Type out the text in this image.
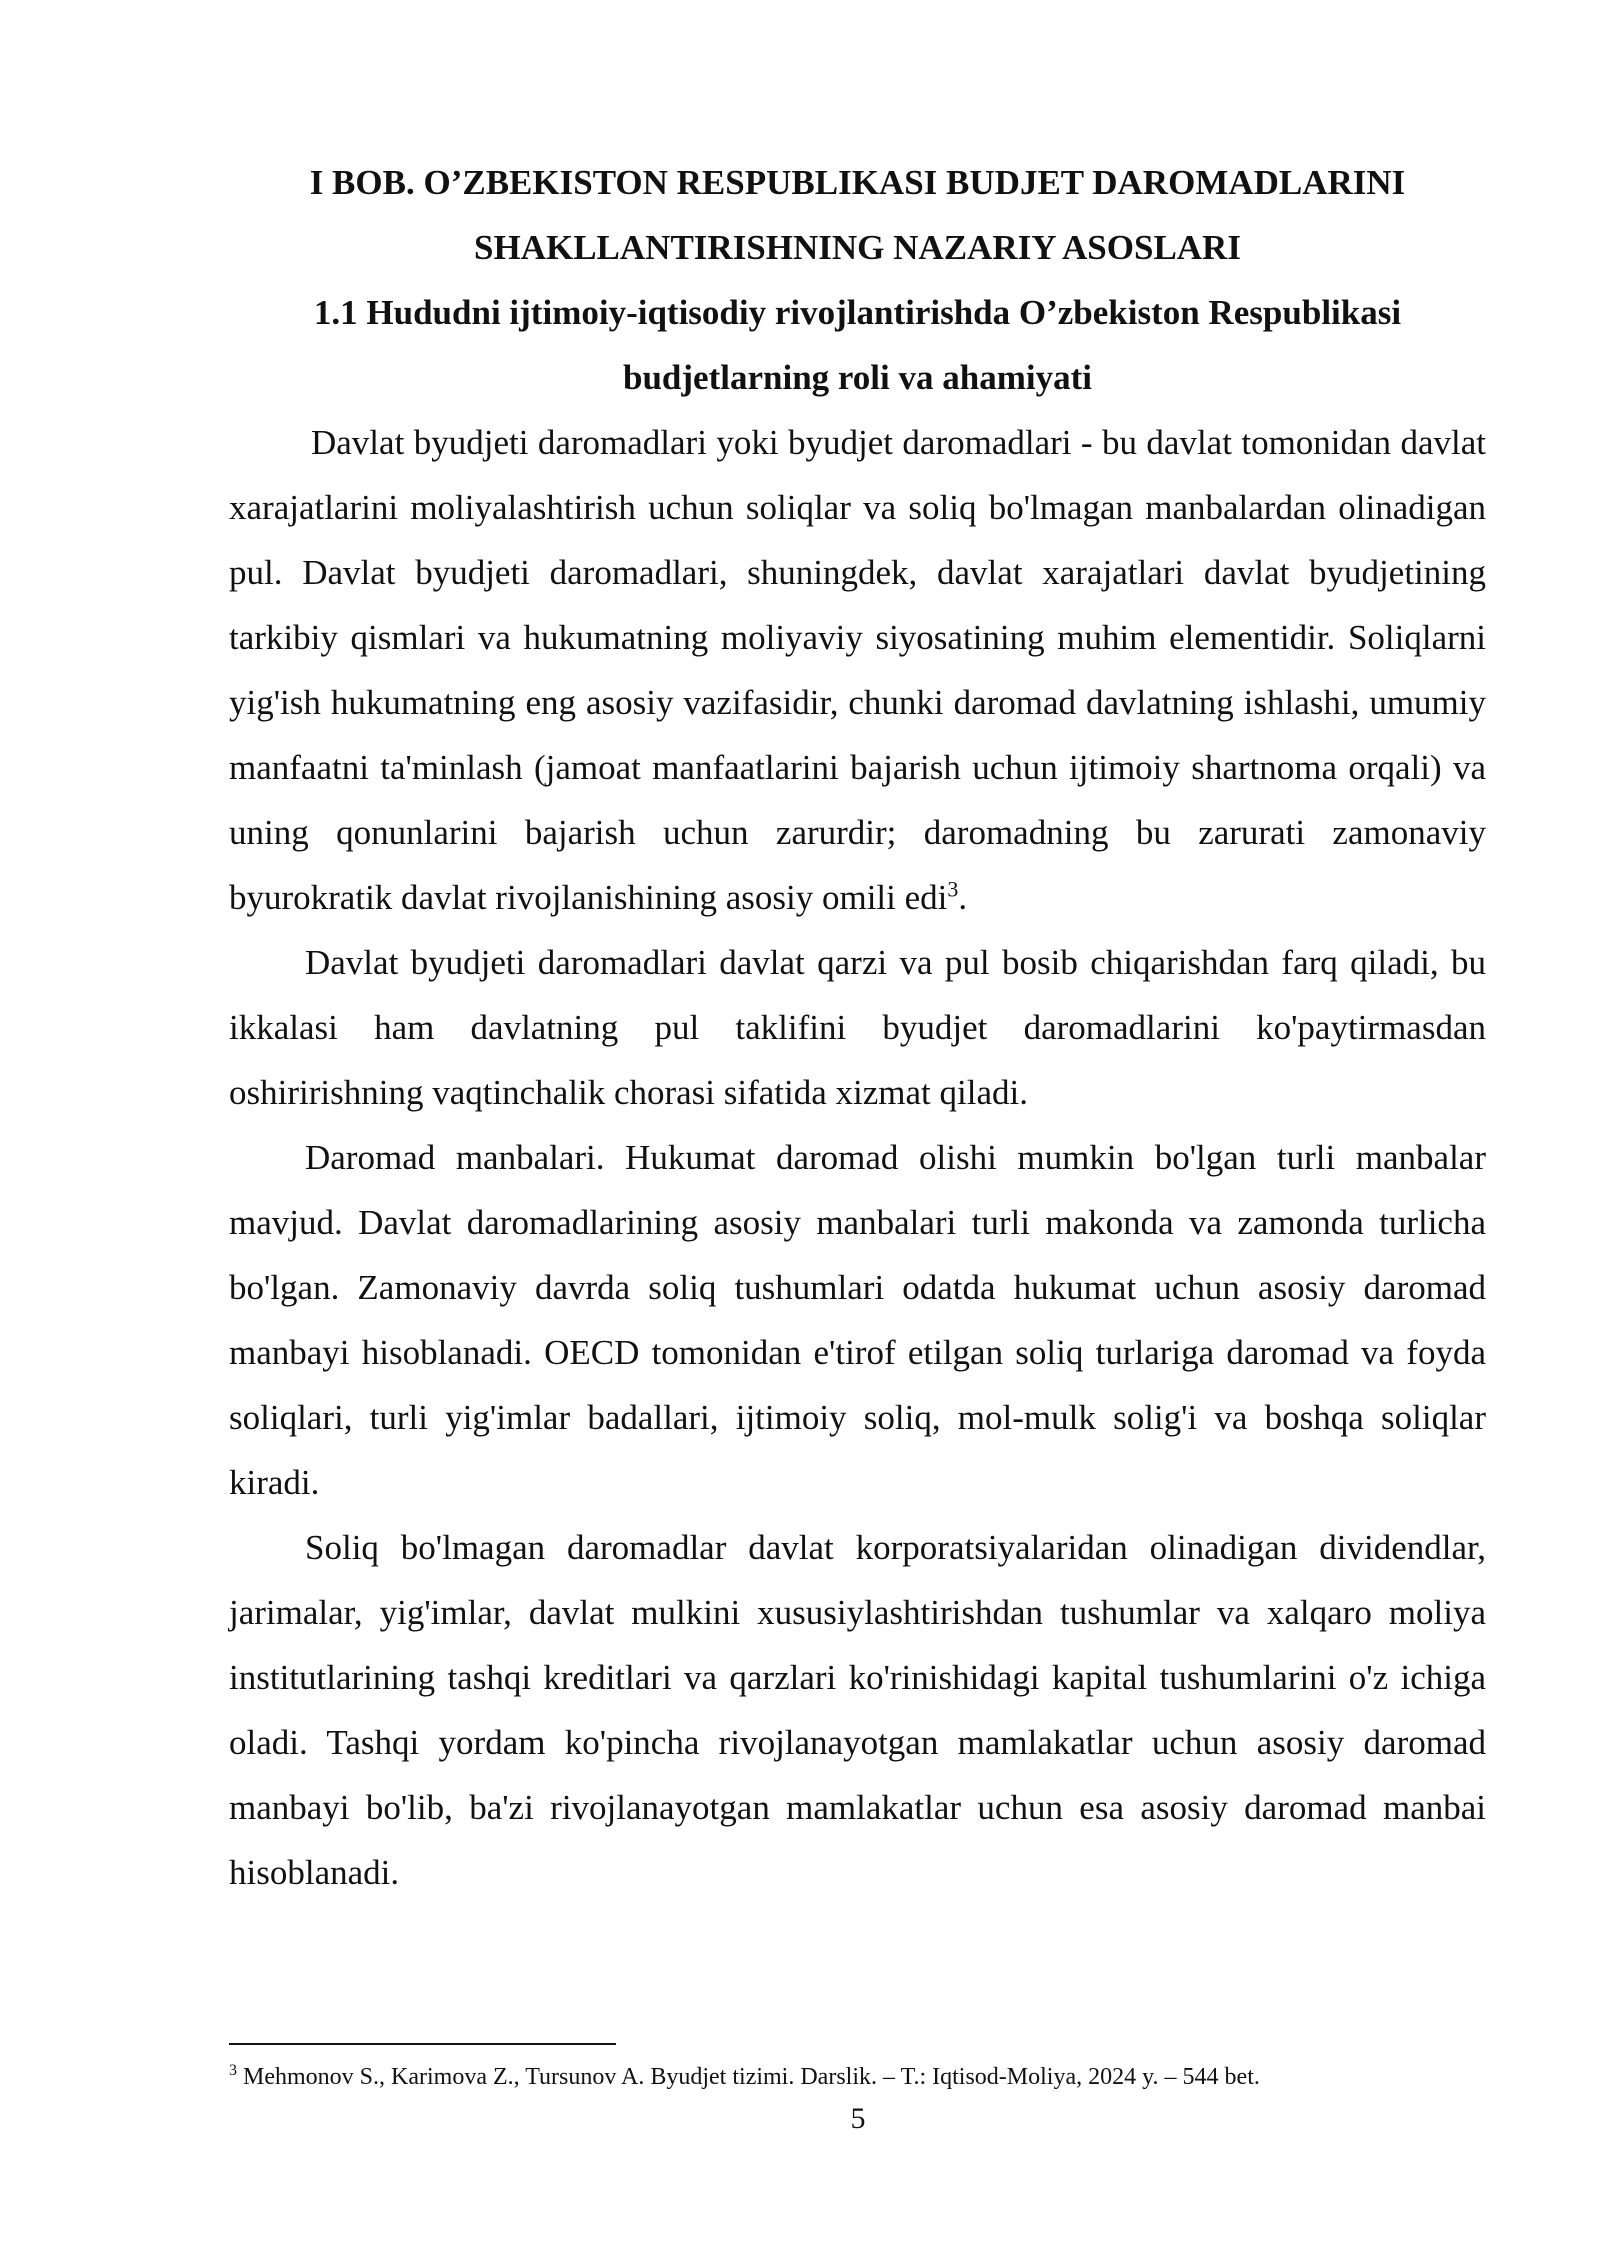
I BOB. O’ZBEKISTON RESPUBLIKASI BUDJET DAROMADLARINI
SHAKLLANTIRISHNING NAZARIY ASOSLARI
1.1 Hududni ijtimoiy-iqtisodiy rivojlantirishda O’zbekiston Respublikasi
budjetlarning roli va ahamiyati

Davlat byudjeti daromadlari yoki byudjet daromadlari - bu davlat tomonidan davlat xarajatlarini moliyalashtirish uchun soliqlar va soliq bo'lmagan manbalardan olinadigan pul. Davlat byudjeti daromadlari, shuningdek, davlat xarajatlari davlat byudjetining tarkibiy qismlari va hukumatning moliyaviy siyosatining muhim elementidir. Soliqlarni yig'ish hukumatning eng asosiy vazifasidir, chunki daromad davlatning ishlashi, umumiy manfaatni ta'minlash (jamoat manfaatlarini bajarish uchun ijtimoiy shartnoma orqali) va uning qonunlarini bajarish uchun zarurdir; daromadning bu zarurati zamonaviy byurokratik davlat rivojlanishining asosiy omili edi$^3$.

Davlat byudjeti daromadlari davlat qarzi va pul bosib chiqarishdan farq qiladi, bu ikkalasi ham davlatning pul taklifini byudjet daromadlarini ko'paytirmasdan oshiririshning vaqtinchalik chorasi sifatida xizmat qiladi.

Daromad manbalari. Hukumat daromad olishi mumkin bo'lgan turli manbalar mavjud. Davlat daromadlarining asosiy manbalari turli makonda va zamonda turlicha bo'lgan. Zamonaviy davrda soliq tushumlari odatda hukumat uchun asosiy daromad manbayi hisoblanadi. OECD tomonidan e'tirof etilgan soliq turlariga daromad va foyda soliqlari, turli yig'imlar badallari, ijtimoiy soliq, mol-mulk solig'i va boshqa soliqlar kiradi.

Soliq bo'lmagan daromadlar davlat korporatsiyalaridan olinadigan dividendlar, jarimalar, yig'imlar, davlat mulkini xususiylashtirishdan tushumlar va xalqaro moliya institutlarining tashqi kreditlari va qarzlari ko'rinishidagi kapital tushumlarini o'z ichiga oladi. Tashqi yordam ko'pincha rivojlanayotgan mamlakatlar uchun asosiy daromad manbayi bo'lib, ba'zi rivojlanayotgan mamlakatlar uchun esa asosiy daromad manbai hisoblanadi.

$^3$ Mehmonov S., Karimova Z., Tursunov A. Byudjet tizimi. Darslik. – T.: Iqtisod-Moliya, 2024 y. – 544 bet.
5
